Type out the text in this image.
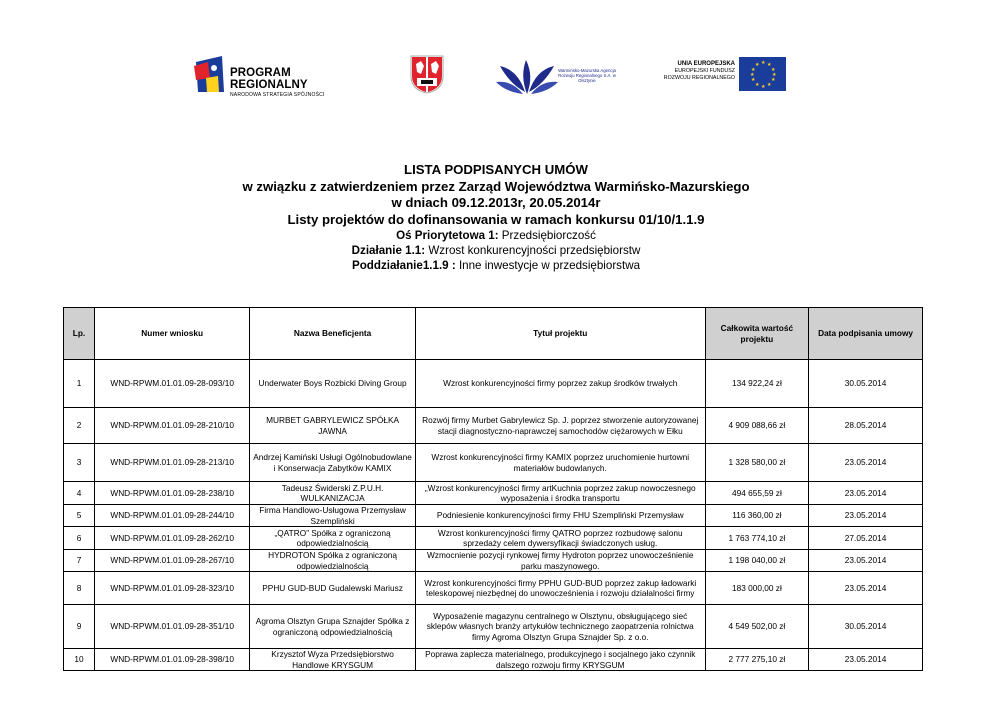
PROGRAM REGIONALNY
NARODOWA STRATEGIA SPÓJNOŚCI
Warmińsko-Mazurska Agencja Rozwoju Regionalnego S.A. w Olsztynie
UNIA EUROPEJSKA
EUROPEJSKI FUNDUSZ
ROZWOJU REGIONALNEGO
★ ★
★
★
★
★
★
★
★
★
★
★
LISTA PODPISANYCH UMÓW
w związku z zatwierdzeniem przez Zarząd Województwa Warmińsko-Mazurskiego
w dniach 09.12.2013r, 20.05.2014r
Listy projektów do dofinansowania w ramach konkursu 01/10/1.1.9
Oś Priorytetowa 1: Przedsiębiorczość
Działanie 1.1: Wzrost konkurencyjności przedsiębiorstw
Poddziałanie1.1.9 : Inne inwestycje w przedsiębiorstwa
Lp.	Numer wniosku	Nazwa Beneficjenta	Tytuł projektu	Całkowita wartość projektu	Data podpisania umowy
1	WND-RPWM.01.01.09-28-093/10	Underwater Boys Rozbicki Diving Group	Wzrost konkurencyjności firmy poprzez zakup środków trwałych	134 922,24 zł	30.05.2014
2	WND-RPWM.01.01.09-28-210/10	MURBET GABRYLEWICZ SPÓŁKA JAWNA	Rozwój firmy Murbet Gabrylewicz Sp. J. poprzez stworzenie autoryzowanej stacji diagnostyczno-naprawczej samochodów ciężarowych w Ełku	4 909 088,66 zł	28.05.2014
3	WND-RPWM.01.01.09-28-213/10	Andrzej Kamiński Usługi Ogólnobudowlane i Konserwacja Zabytków KAMIX	Wzrost konkurencyjności firmy KAMIX poprzez uruchomienie hurtowni materiałów budowlanych.	1 328 580,00 zł	23.05.2014
4	WND-RPWM.01.01.09-28-238/10	Tadeusz Świderski Z.P.U.H. WULKANIZACJA	„Wzrost konkurencyjności firmy artKuchnia poprzez zakup nowoczesnego wyposażenia i środka transportu	494 655,59 zł	23.05.2014
5	WND-RPWM.01.01.09-28-244/10	Firma Handlowo-Usługowa Przemysław Szempliński	Podniesienie konkurencyjności firmy FHU Szempliński Przemysław	116 360,00 zł	23.05.2014
6	WND-RPWM.01.01.09-28-262/10	„QATRO” Spółka z ograniczoną odpowiedzialnością	Wzrost konkurencyjności firmy QATRO poprzez rozbudowę salonu sprzedaży celem dywersyfikacji świadczonych usług.	1 763 774,10 zł	27.05.2014
7	WND-RPWM.01.01.09-28-267/10	HYDROTON Spółka z ograniczoną odpowiedzialnością	Wzmocnienie pozycji rynkowej firmy Hydroton poprzez unowocześnienie parku maszynowego.	1 198 040,00 zł	23.05.2014
8	WND-RPWM.01.01.09-28-323/10	PPHU GUD-BUD Gudalewski Mariusz	Wzrost konkurencyjności firmy PPHU GUD-BUD poprzez zakup ładowarki teleskopowej niezbędnej do unowocześnienia i rozwoju działalności firmy	183 000,00 zł	23.05.2014
9	WND-RPWM.01.01.09-28-351/10	Agroma Olsztyn Grupa Sznajder Spółka z ograniczoną odpowiedzialnością	Wyposażenie magazynu centralnego w Olsztynu, obsługującego sieć sklepów własnych branży artykułów technicznego zaopatrzenia rolnictwa firmy Agroma Olsztyn Grupa Sznajder Sp. z o.o.	4 549 502,00 zł	30.05.2014
10	WND-RPWM.01.01.09-28-398/10	Krzysztof Wyza Przedsiębiorstwo Handlowe KRYSGUM	Poprawa zaplecza materialnego, produkcyjnego i socjalnego jako czynnik dalszego rozwoju firmy KRYSGUM	2 777 275,10 zł	23.05.2014
